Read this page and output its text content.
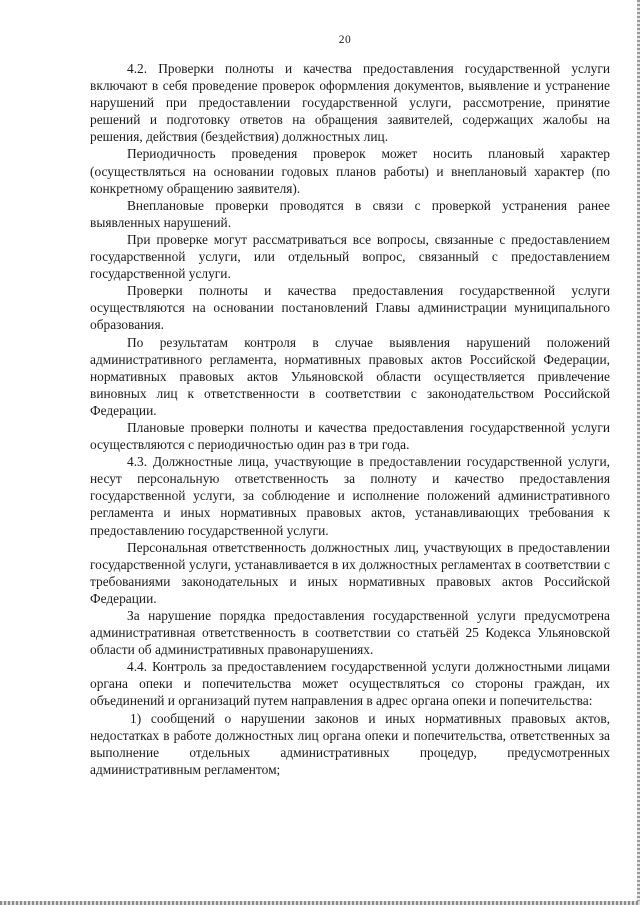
20

4.2. Проверки полноты и качества предоставления государственной услуги включают в себя проведение проверок оформления документов, выявление и устранение нарушений при предоставлении государственной услуги, рассмотрение, принятие решений и подготовку ответов на обращения заявителей, содержащих жалобы на решения, действия (бездействия) должностных лиц.

Периодичность проведения проверок может носить плановый характер (осуществляться на основании годовых планов работы) и внеплановый характер (по конкретному обращению заявителя).

Внеплановые проверки проводятся в связи с проверкой устранения ранее выявленных нарушений.

При проверке могут рассматриваться все вопросы, связанные с предоставлением государственной услуги, или отдельный вопрос, связанный с предоставлением государственной услуги.

Проверки полноты и качества предоставления государственной услуги осуществляются на основании постановлений Главы администрации муниципального образования.

По результатам контроля в случае выявления нарушений положений административного регламента, нормативных правовых актов Российской Федерации, нормативных правовых актов Ульяновской области осуществляется привлечение виновных лиц к ответственности в соответствии с законодательством Российской Федерации.

Плановые проверки полноты и качества предоставления государственной услуги осуществляются с периодичностью один раз в три года.

4.3. Должностные лица, участвующие в предоставлении государственной услуги, несут персональную ответственность за полноту и качество предоставления государственной услуги, за соблюдение и исполнение положений административного регламента и иных нормативных правовых актов, устанавливающих требования к предоставлению государственной услуги.

Персональная ответственность должностных лиц, участвующих в предоставлении государственной услуги, устанавливается в их должностных регламентах в соответствии с требованиями законодательных и иных нормативных правовых актов Российской Федерации.

За нарушение порядка предоставления государственной услуги предусмотрена административная ответственность в соответствии со статьёй 25 Кодекса Ульяновской области об административных правонарушениях.

4.4. Контроль за предоставлением государственной услуги должностными лицами органа опеки и попечительства может осуществляться со стороны граждан, их объединений и организаций путем направления в адрес органа опеки и попечительства:

1) сообщений о нарушении законов и иных нормативных правовых актов, недостатках в работе должностных лиц органа опеки и попечительства, ответственных за выполнение отдельных административных процедур, предусмотренных административным регламентом;
